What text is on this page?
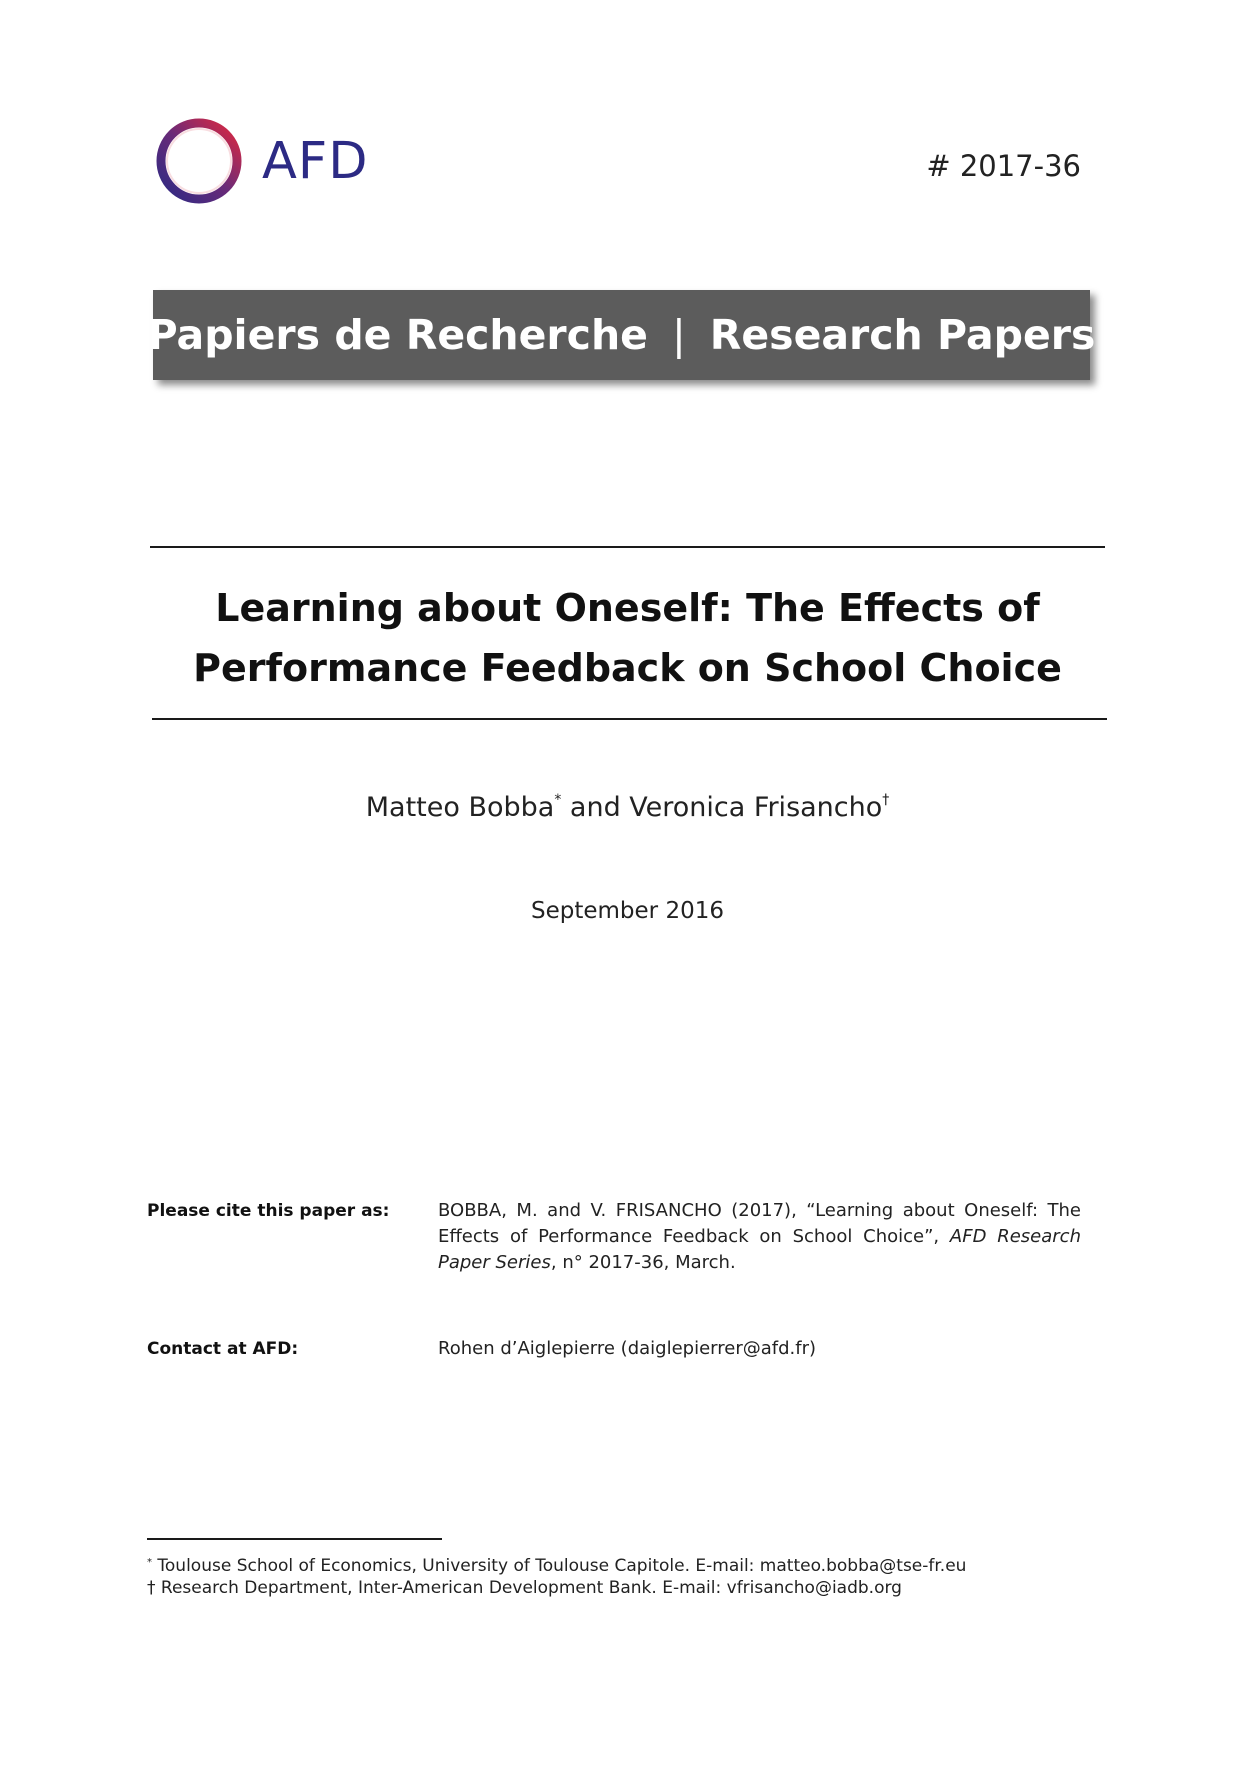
AFD	# 2017-36
Papiers de Recherche | Research Papers
Learning about Oneself: The Effects of
Performance Feedback on School Choice
Matteo Bobba* and Veronica Frisancho†
September 2016
Please cite this paper as:	BOBBA, M. and V. FRISANCHO (2017), “Learning about Oneself: The Effects of Performance Feedback on School Choice”, AFD Research Paper Series, n° 2017-36, March.
Contact at AFD:	Rohen d’Aiglepierre (daiglepierrer@afd.fr)
* Toulouse School of Economics, University of Toulouse Capitole. E-mail: matteo.bobba@tse-fr.eu
† Research Department, Inter-American Development Bank. E-mail: vfrisancho@iadb.org
